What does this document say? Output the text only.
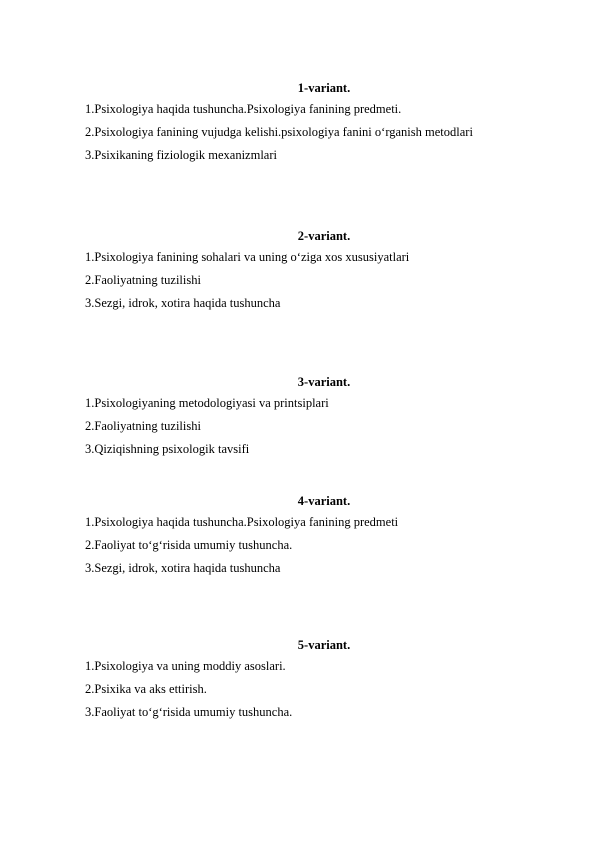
1-variant.
1.Psixologiya haqida tushuncha.Psixologiya fanining predmeti.
2.Psixologiya fanining vujudga kelishi.psixologiya fanini o‘rganish metodlari
3.Psixikaning fiziologik mexanizmlari
2-variant.
1.Psixologiya fanining sohalari va uning o‘ziga xos xususiyatlari
2.Faoliyatning tuzilishi
3.Sezgi, idrok, xotira haqida tushuncha
3-variant.
1.Psixologiyaning metodologiyasi va printsiplari
2.Faoliyatning tuzilishi
3.Qiziqishning psixologik tavsifi
4-variant.
1.Psixologiya haqida tushuncha.Psixologiya fanining predmeti
2.Faoliyat to‘g‘risida umumiy tushuncha.
3.Sezgi, idrok, xotira haqida tushuncha
5-variant.
1.Psixologiya va uning moddiy asoslari.
2.Psixika va aks ettirish.
3.Faoliyat to‘g‘risida umumiy tushuncha.
